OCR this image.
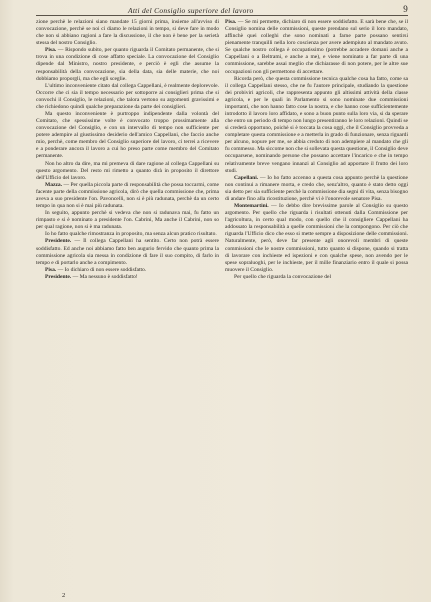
Atti del Consiglio superiore del lavoro	9

zione perchè le relazioni siano mandate 15 giorni prima, insieme all'avviso di convocazione, perchè se noi ci diamo le relazioni in tempo, si deve fare in modo che non si abbiano ragioni a fare la discussione, il che non è bene per la serietà stessa del nostro Consiglio.

Pisa. — Rispondo subito, per quanto riguarda il Comitato permanente, che si trova in una condizione di cose affatto speciale. La convocazione del Consiglio dipende dal Ministro, nostro presidente, e perciò è egli che assume la responsabilità della convocazione, sia della data, sia delle materie, che noi dobbiamo proporgli, ma che egli sceglie.

L'ultimo inconveniente citato dal collega Cappellani, è realmente deplorevole. Occorre che ci sia il tempo necessario per sottoporre ai consiglieri prima che si convochi il Consiglio, le relazioni, che talora vertono su argomenti gravissimi e che richiedono quindi qualche preparazione da parte dei consiglieri.

Ma questo inconveniente è purtroppo indipendente dalla volontà del Comitato, che spessissime volte è convocato troppo prossimamente alla convocazione del Consiglio, e con un intervallo di tempo non sufficiente per potere adempire al giustissimo desiderio dell'amico Cappellani, che faccio anche mio, perchè, come membro del Consiglio superiore del lavoro, ci terrei a ricevere e a ponderare ancora il lavoro a cui ho preso parte come membro del Comitato permanente.

Non ho altro da dire, ma mi premeva di dare ragione al collega Cappellani su questo argomento. Del resto mi rimetto a quanto dirà in proposito il direttore dell'Ufficio del lavoro.

Mazza. — Per quella piccola parte di responsabilità che possa toccarmi, come facente parte della commissione agricola, dirò che quella commissione che, prima aveva a suo presidente l'on. Pavoncelli, non si è più radunata, perchè da un certo tempo in qua non si è mai più radunata.

In seguito, appunto perchè si vedeva che non si radunava mai, fu fatto un rimpasto e si è nominato a presidente l'on. Cabrini, Ma anche il Cabrini, non so per qual ragione, non si è ma radunata.

Io ho fatto qualche rimostranza in proposito, ma senza alcun pratico risultato.

Presidente. — Il collega Cappellani ha sentito. Certo non potrà essere soddisfatto. Ed anche noi abbiamo fatto ben augurio fervido che quanto prima la commissione agricola sia messa in condizione di fare il suo compito, di farlo in tempo e di portarlo anche a compimento.

Pisa. — Io dichiaro di non essere soddisfatto.

Presidente. — Ma nessuno è soddisfatto!

Pisa. — Se mi permette, dichiaro di non essere soddisfatto. E sarà bene che, se il Consiglio nomina delle commissioni, queste prendano sul serio il loro mandato, affinchè quei colleghi che sono nominati a farne parte possano sentirsi pienamente tranquilli nella loro coscienza per avere adempiuto al mandato avuto. Se qualche nostro collega è occupatissimo (potrebbe accadere domani anche a Cappellani o a Beltrami, e anche a me), e viene nominato a far parte di una commissione, sarebbe assai meglio che dichiarasse di non potere, per le altre sue occupazioni non gli permettono di accettare.

Ricorda però, che questa commissione tecnica qualche cosa ha fatto, come sa il collega Cappellani stesso, che ne fu l'autore principale, studiando la questione dei probiviri agricoli, che rappresenta appunto gli altissimi attività della classe agricola, e per le quali in Parlamento si sono nominate due commissioni importanti, che non hanno fatto cose la nostra, e che hanno cose sufficientemente introdotto il lavoro loro affidato, e sono a buon punto sulla loro via, si da sperare che entro un periodo di tempo non lungo presentiranno le loro relazioni. Quindi se si crederà opportuno, poichè si è toccata la cosa oggi, che il Consiglio provveda a completare questa commissione e a metterla in grado di funzionare, senza riguardi per alcuno, nopure per me, se abbia creduto di non adempiere al mandato che gli fu commesso. Ma siccome non che si sollevata questa questione, il Consiglio deve occuparsene, nominando persone che possano accettare l'incarico e che in tempo relativamente breve vengano innanzi al Consiglio ad apportare il frutto dei loro studi.

Capellani. — Io ho fatto accenno a questa cosa appunto perchè la questione non continui a rimanere morta, e credo che, senz'altro, quanto è stato detto oggi sia detto per sia sufficiente perchè la commissione dia segni di vita, senza bisogno di andare fino alla ricostituzione, perchè vi è l'onorevole senatore Pisa.

Montemartini. — Io debbo dire brevissime parole al Consiglio su questo argomento. Per quello che riguarda i risultati ottenuti dalla Commissione per l'agricoltura, in certo qual modo, con quello che il consigliere Cappellani ha addossato la responsabilità a quelle commissioni che la compongono. Per ciò che riguarda l'Ufficio dico che esso si mette sempre a disposizione delle commissioni. Naturalmente, però, deve far presente agli onorevoli membri di queste commissioni che le nostre commissioni, tutto quanto si dispone, quando si tratta di lavorare con inchieste ed ispezioni e con qualche spese, non avendo per le spese sopraluoghi, per le inchieste, per il mille finanziario entro il quale si possa muovere il Consiglio.

Per quello che riguarda la convocazione del

2
